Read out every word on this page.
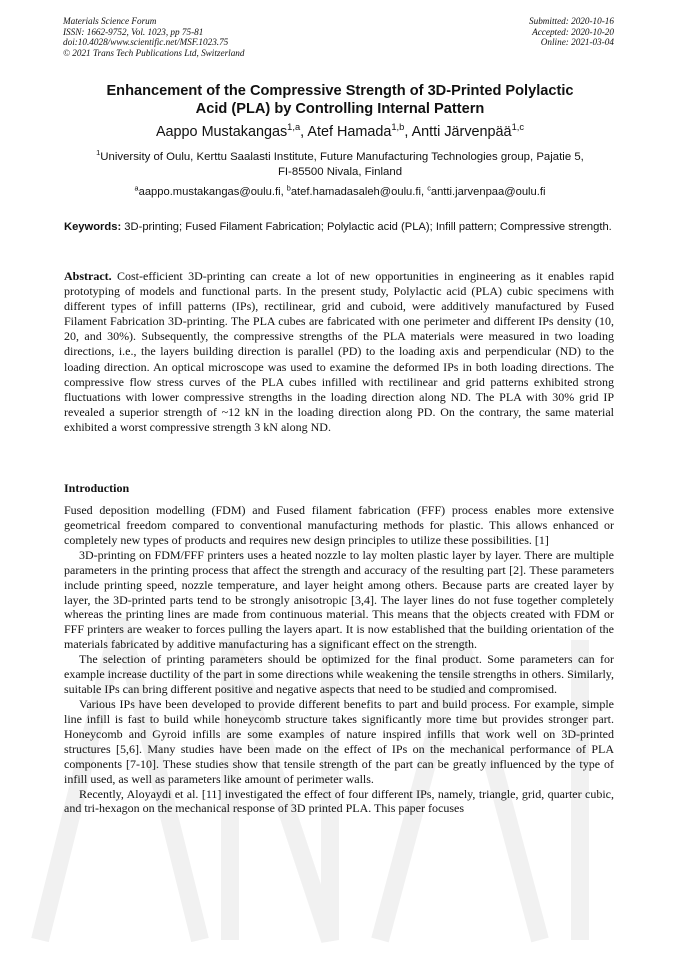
Materials Science Forum
ISSN: 1662-9752, Vol. 1023, pp 75-81
doi:10.4028/www.scientific.net/MSF.1023.75
© 2021 Trans Tech Publications Ltd, Switzerland
Submitted: 2020-10-16
Accepted: 2020-10-20
Online: 2021-03-04
Enhancement of the Compressive Strength of 3D-Printed Polylactic
Acid (PLA) by Controlling Internal Pattern
Aappo Mustakangas$^{1,a}$, Atef Hamada$^{1,b}$, Antti Järvenpää$^{1,c}$
$^1$University of Oulu, Kerttu Saalasti Institute, Future Manufacturing Technologies group, Pajatie 5,
FI-85500 Nivala, Finland
$^a$aappo.mustakangas@oulu.fi, $^b$atef.hamadasaleh@oulu.fi, $^c$antti.jarvenpaa@oulu.fi
Keywords: 3D-printing; Fused Filament Fabrication; Polylactic acid (PLA); Infill pattern; Compressive strength.
Abstract. Cost-efficient 3D-printing can create a lot of new opportunities in engineering as it enables rapid prototyping of models and functional parts. In the present study, Polylactic acid (PLA) cubic specimens with different types of infill patterns (IPs), rectilinear, grid and cuboid, were additively manufactured by Fused Filament Fabrication 3D-printing. The PLA cubes are fabricated with one perimeter and different IPs density (10, 20, and 30%). Subsequently, the compressive strengths of the PLA materials were measured in two loading directions, i.e., the layers building direction is parallel (PD) to the loading axis and perpendicular (ND) to the loading direction. An optical microscope was used to examine the deformed IPs in both loading directions. The compressive flow stress curves of the PLA cubes infilled with rectilinear and grid patterns exhibited strong fluctuations with lower compressive strengths in the loading direction along ND. The PLA with 30% grid IP revealed a superior strength of ~12 kN in the loading direction along PD. On the contrary, the same material exhibited a worst compressive strength 3 kN along ND.
Introduction

Fused deposition modelling (FDM) and Fused filament fabrication (FFF) process enables more extensive geometrical freedom compared to conventional manufacturing methods for plastic. This allows enhanced or completely new types of products and requires new design principles to utilize these possibilities. [1]

3D-printing on FDM/FFF printers uses a heated nozzle to lay molten plastic layer by layer. There are multiple parameters in the printing process that affect the strength and accuracy of the resulting part [2]. These parameters include printing speed, nozzle temperature, and layer height among others. Because parts are created layer by layer, the 3D-printed parts tend to be strongly anisotropic [3,4]. The layer lines do not fuse together completely whereas the printing lines are made from continuous material. This means that the objects created with FDM or FFF printers are weaker to forces pulling the layers apart. It is now established that the building orientation of the materials fabricated by additive manufacturing has a significant effect on the strength.

The selection of printing parameters should be optimized for the final product. Some parameters can for example increase ductility of the part in some directions while weakening the tensile strengths in others. Similarly, suitable IPs can bring different positive and negative aspects that need to be studied and compromised.

Various IPs have been developed to provide different benefits to part and build process. For example, simple line infill is fast to build while honeycomb structure takes significantly more time but provides stronger part. Honeycomb and Gyroid infills are some examples of nature inspired infills that work well on 3D-printed structures [5,6]. Many studies have been made on the effect of IPs on the mechanical performance of PLA components [7-10]. These studies show that tensile strength of the part can be greatly influenced by the type of infill used, as well as parameters like amount of perimeter walls.

Recently, Aloyaydi et al. [11] investigated the effect of four different IPs, namely, triangle, grid, quarter cubic, and tri-hexagon on the mechanical response of 3D printed PLA. This paper focuses
